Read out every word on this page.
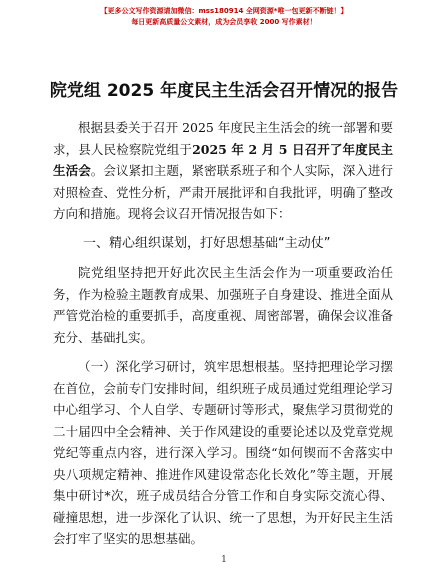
【更多公文写作资源请加微信：mss180914 全网资源*唯一包更新不断链！】
每日更新高质量公文素材，成为会员享收 2000 写作素材！
院党组 2025 年度民主生活会召开情况的报告

根据县委关于召开 2025 年度民主生活会的统一部署和要求，县人民检察院党组于2025 年 2 月 5 日召开了年度民主生活会。会议紧扣主题，紧密联系班子和个人实际，深入进行对照检查、党性分析，严肃开展批评和自我批评，明确了整改方向和措施。现将会议召开情况报告如下：

一、精心组织谋划，打好思想基础“主动仗”

院党组坚持把开好此次民主生活会作为一项重要政治任务，作为检验主题教育成果、加强班子自身建设、推进全面从严管党治检的重要抓手，高度重视、周密部署，确保会议准备充分、基础扎实。

（一）深化学习研讨，筑牢思想根基。坚持把理论学习摆在首位，会前专门安排时间，组织班子成员通过党组理论学习中心组学习、个人自学、专题研讨等形式，聚焦学习贯彻党的二十届四中全会精神、关于作风建设的重要论述以及党章党规党纪等重点内容，进行深入学习。围绕“如何锲而不舍落实中央八项规定精神、推进作风建设常态化长效化”等主题，开展集中研讨*次，班子成员结合分管工作和自身实际交流心得、碰撞思想，进一步深化了认识、统一了思想，为开好民主生活会打牢了坚实的思想基础。

1
